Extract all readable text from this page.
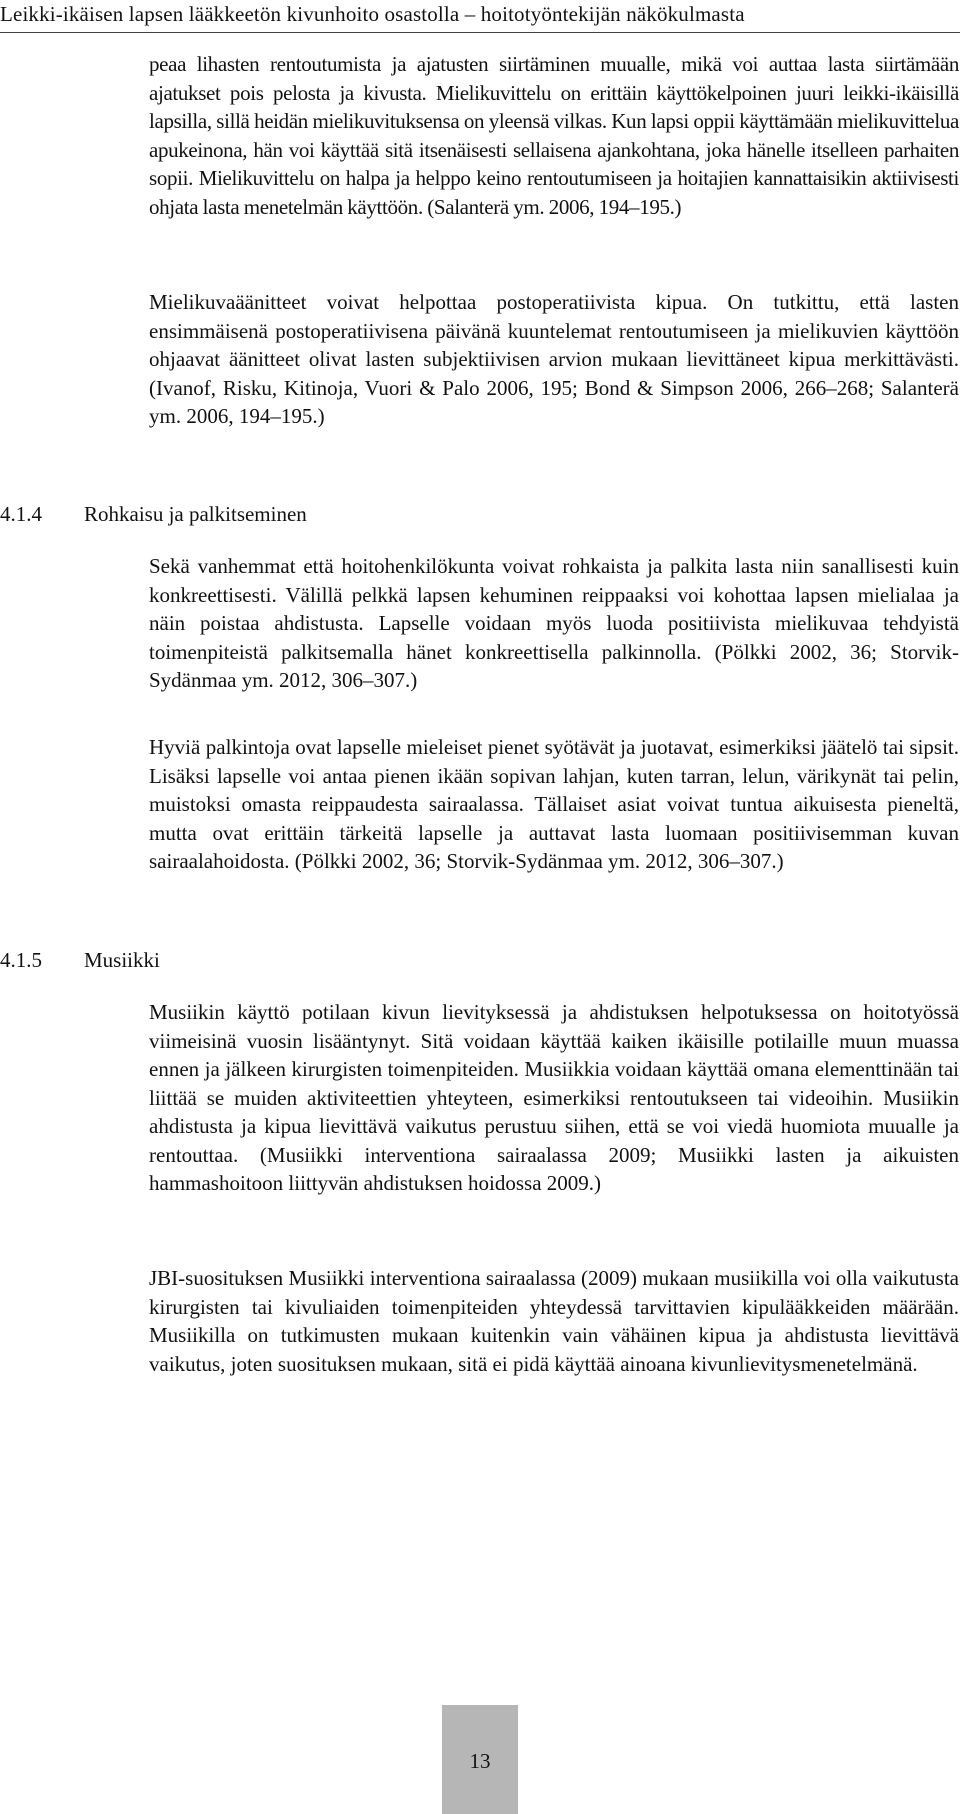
Leikki-ikäisen lapsen lääkkeetön kivunhoito osastolla – hoitotyöntekijän näkökulmasta

peaa lihasten rentoutumista ja ajatusten siirtäminen muualle, mikä voi auttaa lasta siirtämään ajatukset pois pelosta ja kivusta. Mielikuvittelu on erittäin käyttökelpoinen juuri leikki-ikäisillä lapsilla, sillä heidän mielikuvituksensa on yleensä vilkas. Kun lapsi oppii käyttämään mielikuvittelua apukeinona, hän voi käyttää sitä itsenäisesti sellaisena ajankohtana, joka hänelle itselleen parhaiten sopii. Mielikuvittelu on halpa ja helppo keino rentoutumiseen ja hoitajien kannattaisikin aktiivisesti ohjata lasta menetelmän käyttöön. (Salanterä ym. 2006, 194–195.)

Mielikuvaäänitteet voivat helpottaa postoperatiivista kipua. On tutkittu, että lasten ensimmäisenä postoperatiivisena päivänä kuuntelemat rentoutumiseen ja mielikuvien käyttöön ohjaavat äänitteet olivat lasten subjektiivisen arvion mukaan lievittäneet kipua merkittävästi. (Ivanof, Risku, Kitinoja, Vuori & Palo 2006, 195; Bond & Simpson 2006, 266–268; Salanterä ym. 2006, 194–195.)

4.1.4 Rohkaisu ja palkitseminen

Sekä vanhemmat että hoitohenkilökunta voivat rohkaista ja palkita lasta niin sanallisesti kuin konkreettisesti. Välillä pelkkä lapsen kehuminen reippaaksi voi kohottaa lapsen mielialaa ja näin poistaa ahdistusta. Lapselle voidaan myös luoda positiivista mielikuvaa tehdyistä toimenpiteistä palkitsemalla hänet konkreettisella palkinnolla. (Pölkki 2002, 36; Storvik-Sydänmaa ym. 2012, 306–307.)

Hyviä palkintoja ovat lapselle mieleiset pienet syötävät ja juotavat, esimerkiksi jäätelö tai sipsit. Lisäksi lapselle voi antaa pienen ikään sopivan lahjan, kuten tarran, lelun, värikynät tai pelin, muistoksi omasta reippaudesta sairaalassa. Tällaiset asiat voivat tuntua aikuisesta pieneltä, mutta ovat erittäin tärkeitä lapselle ja auttavat lasta luomaan positiivisemman kuvan sairaalahoidosta. (Pölkki 2002, 36; Storvik-Sydänmaa ym. 2012, 306–307.)

4.1.5 Musiikki

Musiikin käyttö potilaan kivun lievityksessä ja ahdistuksen helpotuksessa on hoitotyössä viimeisinä vuosin lisääntynyt. Sitä voidaan käyttää kaiken ikäisille potilaille muun muassa ennen ja jälkeen kirurgisten toimenpiteiden. Musiikkia voidaan käyttää omana elementtinään tai liittää se muiden aktiviteettien yhteyteen, esimerkiksi rentoutukseen tai videoihin. Musiikin ahdistusta ja kipua lievittävä vaikutus perustuu siihen, että se voi viedä huomiota muualle ja rentouttaa. (Musiikki interventiona sairaalassa 2009; Musiikki lasten ja aikuisten hammashoitoon liittyvän ahdistuksen hoidossa 2009.)

JBI-suosituksen Musiikki interventiona sairaalassa (2009) mukaan musiikilla voi olla vaikutusta kirurgisten tai kivuliaiden toimenpiteiden yhteydessä tarvittavien kipulääkkeiden määrään. Musiikilla on tutkimusten mukaan kuitenkin vain vähäinen kipua ja ahdistusta lievittävä vaikutus, joten suosituksen mukaan, sitä ei pidä käyttää ainoana kivunlievitysmenetelmänä.

13
